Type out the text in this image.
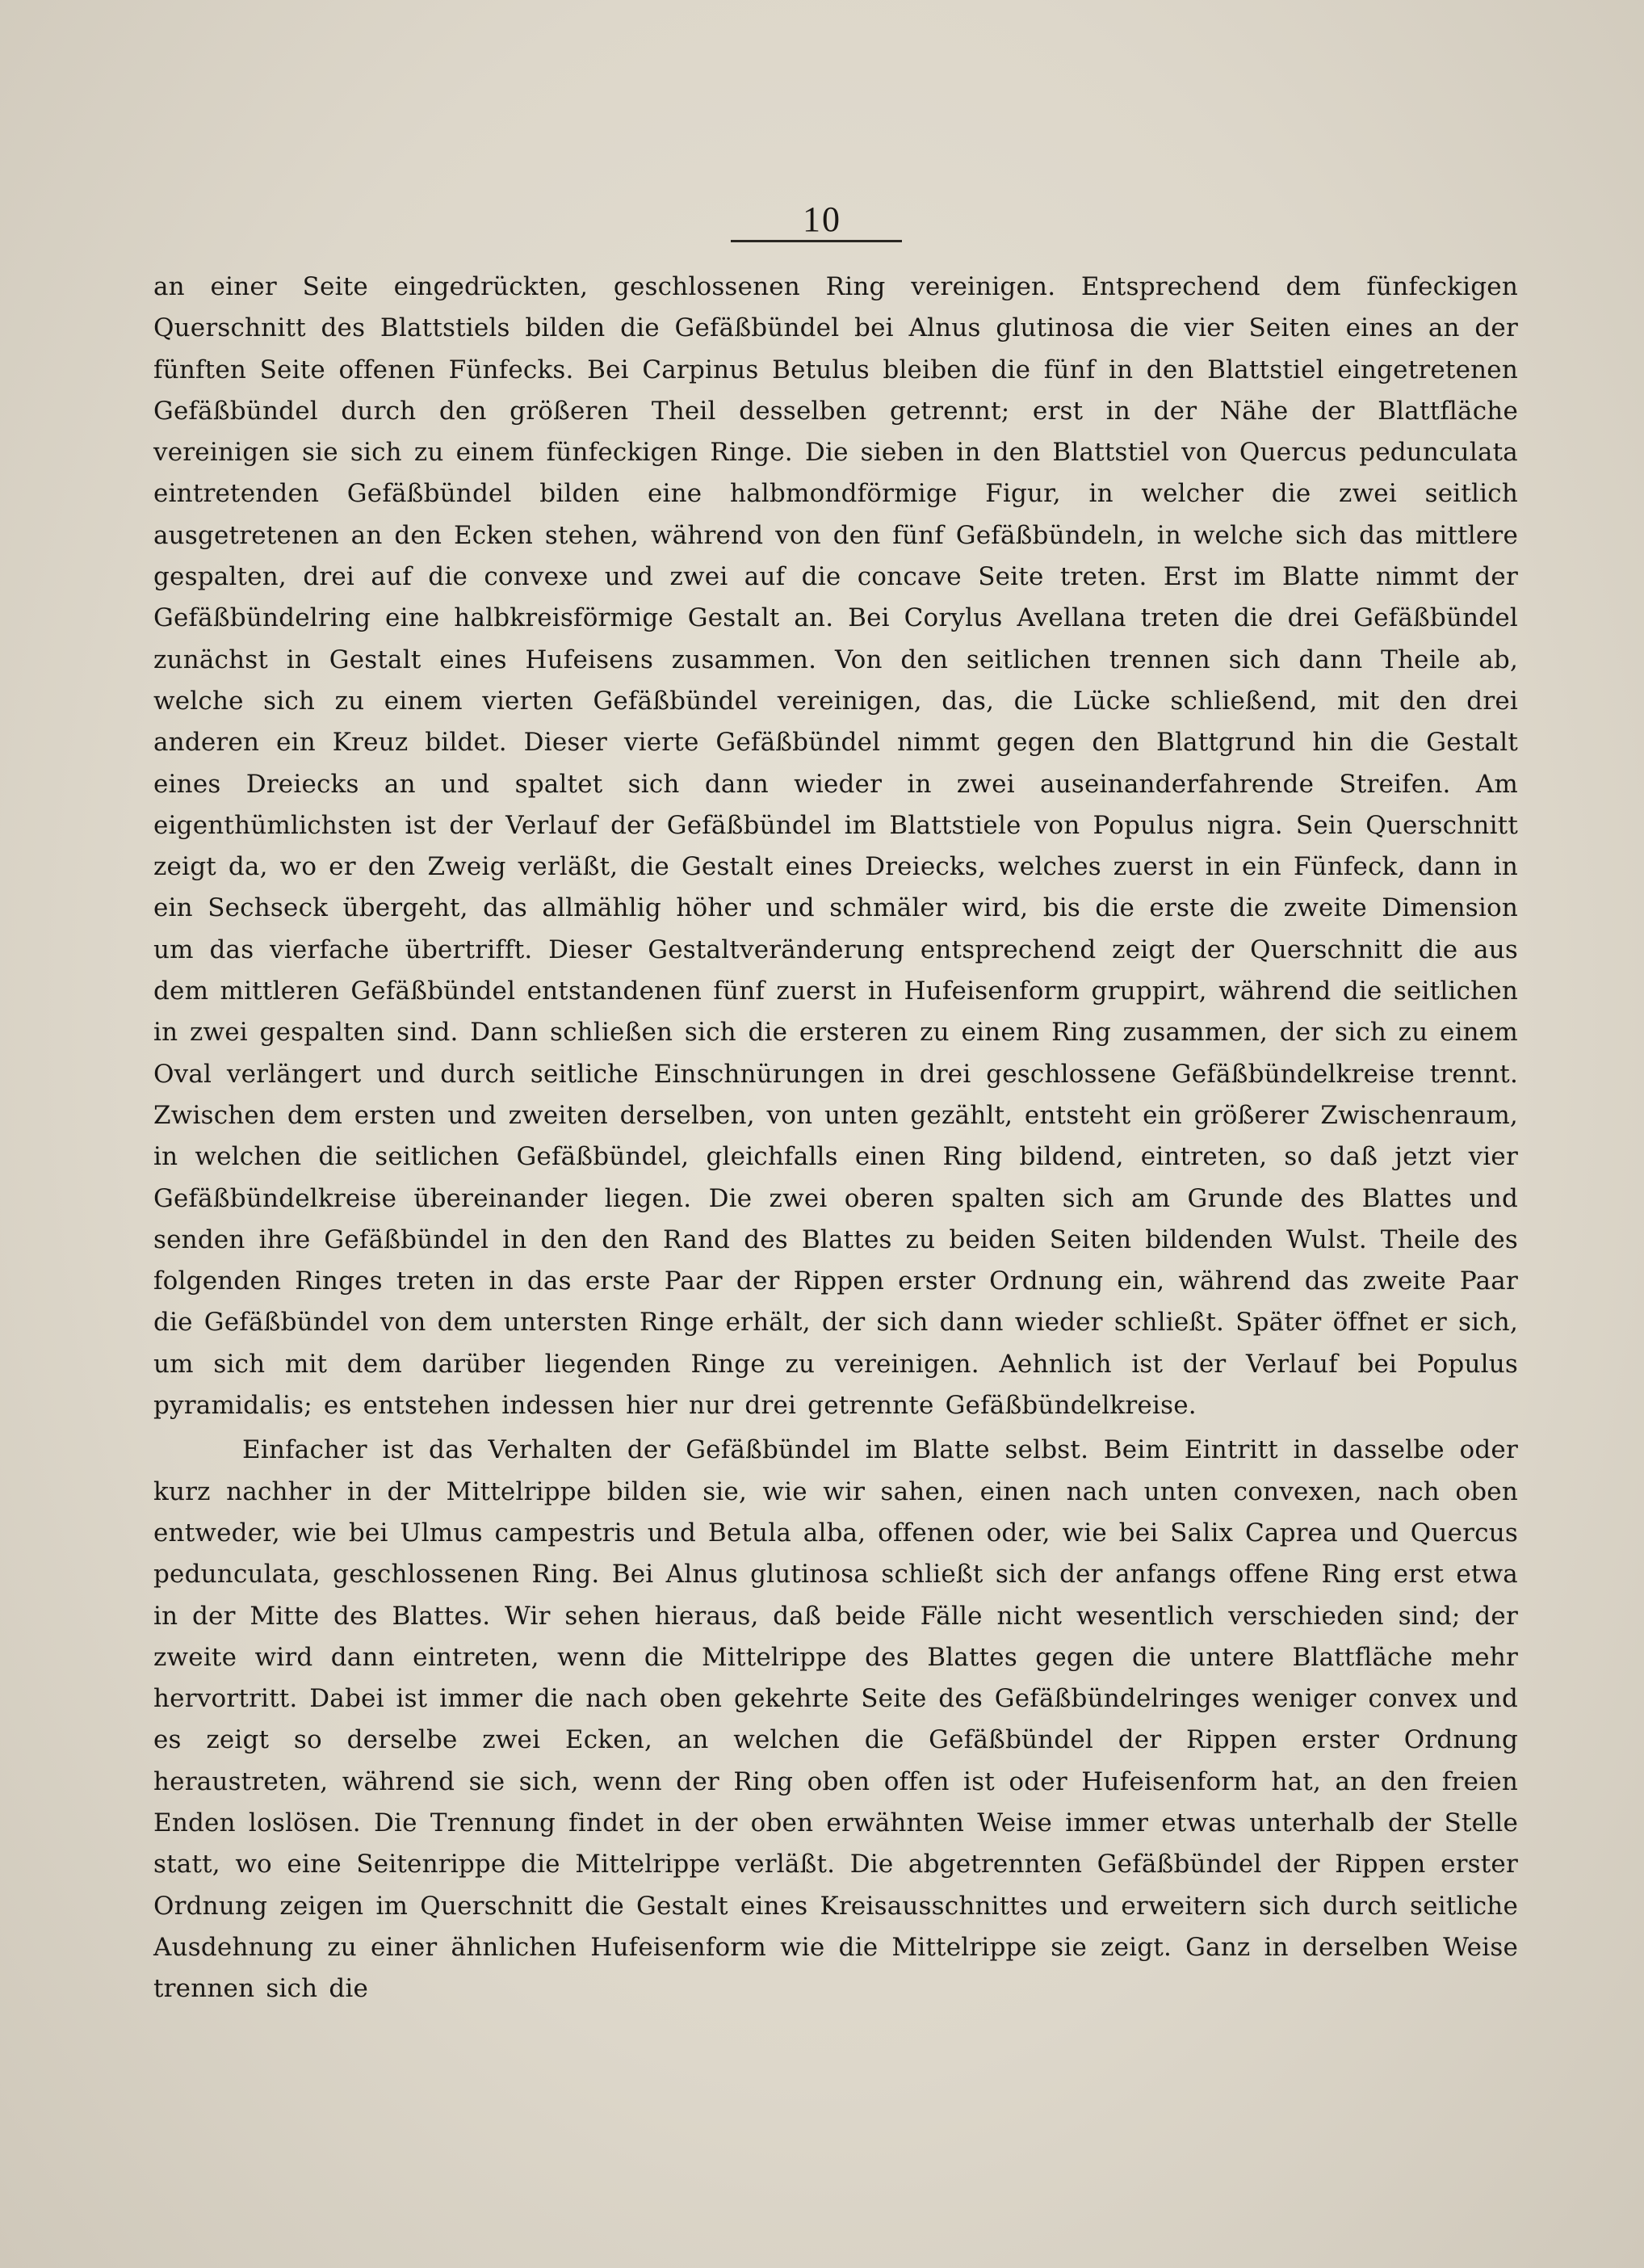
10

an einer Seite eingedrückten, geschlossenen Ring vereinigen. Entsprechend dem fünfeckigen Querschnitt des Blattstiels bilden die Gefäßbündel bei Alnus glutinosa die vier Seiten eines an der fünften Seite offenen Fünfecks. Bei Carpinus Betulus bleiben die fünf in den Blattstiel eingetretenen Gefäßbündel durch den größeren Theil desselben getrennt; erst in der Nähe der Blattfläche vereinigen sie sich zu einem fünfeckigen Ringe. Die sieben in den Blattstiel von Quercus pedunculata eintretenden Gefäßbündel bilden eine halbmondförmige Figur, in welcher die zwei seitlich ausgetretenen an den Ecken stehen, während von den fünf Gefäßbündeln, in welche sich das mittlere gespalten, drei auf die convexe und zwei auf die concave Seite treten. Erst im Blatte nimmt der Gefäßbündelring eine halbkreisförmige Gestalt an. Bei Corylus Avellana treten die drei Gefäßbündel zunächst in Gestalt eines Hufeisens zusammen. Von den seitlichen trennen sich dann Theile ab, welche sich zu einem vierten Gefäßbündel vereinigen, das, die Lücke schließend, mit den drei anderen ein Kreuz bildet. Dieser vierte Gefäßbündel nimmt gegen den Blattgrund hin die Gestalt eines Dreiecks an und spaltet sich dann wieder in zwei auseinanderfahrende Streifen. Am eigenthümlichsten ist der Verlauf der Gefäßbündel im Blattstiele von Populus nigra. Sein Querschnitt zeigt da, wo er den Zweig verläßt, die Gestalt eines Dreiecks, welches zuerst in ein Fünfeck, dann in ein Sechseck übergeht, das allmählig höher und schmäler wird, bis die erste die zweite Dimension um das vierfache übertrifft. Dieser Gestaltveränderung entsprechend zeigt der Querschnitt die aus dem mittleren Gefäßbündel entstandenen fünf zuerst in Hufeisenform gruppirt, während die seitlichen in zwei gespalten sind. Dann schließen sich die ersteren zu einem Ring zusammen, der sich zu einem Oval verlängert und durch seitliche Einschnürungen in drei geschlossene Gefäßbündelkreise trennt. Zwischen dem ersten und zweiten derselben, von unten gezählt, entsteht ein größerer Zwischenraum, in welchen die seitlichen Gefäßbündel, gleichfalls einen Ring bildend, eintreten, so daß jetzt vier Gefäßbündelkreise übereinander liegen. Die zwei oberen spalten sich am Grunde des Blattes und senden ihre Gefäßbündel in den den Rand des Blattes zu beiden Seiten bildenden Wulst. Theile des folgenden Ringes treten in das erste Paar der Rippen erster Ordnung ein, während das zweite Paar die Gefäßbündel von dem untersten Ringe erhält, der sich dann wieder schließt. Später öffnet er sich, um sich mit dem darüber liegenden Ringe zu vereinigen. Aehnlich ist der Verlauf bei Populus pyramidalis; es entstehen indessen hier nur drei getrennte Gefäßbündelkreise.

Einfacher ist das Verhalten der Gefäßbündel im Blatte selbst. Beim Eintritt in dasselbe oder kurz nachher in der Mittelrippe bilden sie, wie wir sahen, einen nach unten convexen, nach oben entweder, wie bei Ulmus campestris und Betula alba, offenen oder, wie bei Salix Caprea und Quercus pedunculata, geschlossenen Ring. Bei Alnus glutinosa schließt sich der anfangs offene Ring erst etwa in der Mitte des Blattes. Wir sehen hieraus, daß beide Fälle nicht wesentlich verschieden sind; der zweite wird dann eintreten, wenn die Mittelrippe des Blattes gegen die untere Blattfläche mehr hervortritt. Dabei ist immer die nach oben gekehrte Seite des Gefäßbündelringes weniger convex und es zeigt so derselbe zwei Ecken, an welchen die Gefäßbündel der Rippen erster Ordnung heraustreten, während sie sich, wenn der Ring oben offen ist oder Hufeisenform hat, an den freien Enden loslösen. Die Trennung findet in der oben erwähnten Weise immer etwas unterhalb der Stelle statt, wo eine Seitenrippe die Mittelrippe verläßt. Die abgetrennten Gefäßbündel der Rippen erster Ordnung zeigen im Querschnitt die Gestalt eines Kreisausschnittes und erweitern sich durch seitliche Ausdehnung zu einer ähnlichen Hufeisenform wie die Mittelrippe sie zeigt. Ganz in derselben Weise trennen sich die
